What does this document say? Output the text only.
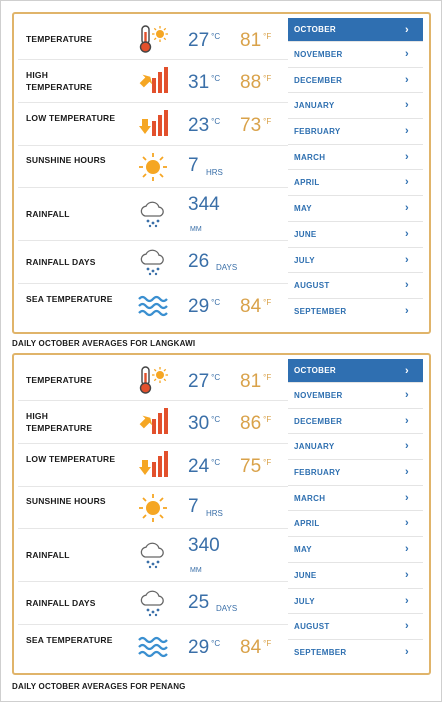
TEMPERATURE	27 $^{^\circ C}$ 81 $^{^\circ F}$
HIGH TEMPERATURE	31 $^{^\circ C}$ 88 $^{^\circ F}$
LOW TEMPERATURE	23 $^{^\circ C}$ 73 $^{^\circ F}$
SUNSHINE HOURS	7 HRS
RAINFALL	344
MM
RAINFALL DAYS	26 DAYS
SEA TEMPERATURE	29 $^{^\circ C}$ 84 $^{^\circ F}$
OCTOBER	›
NOVEMBER	›
DECEMBER	›
JANUARY	›
FEBRUARY	›
MARCH	›
APRIL	›
MAY	›
JUNE	›
JULY	›
AUGUST	›
SEPTEMBER	›
DAILY OCTOBER AVERAGES FOR LANGKAWI
TEMPERATURE	27 $^{^\circ C}$ 81 $^{^\circ F}$
HIGH TEMPERATURE	30 $^{^\circ C}$ 86 $^{^\circ F}$
LOW TEMPERATURE	24 $^{^\circ C}$ 75 $^{^\circ F}$
SUNSHINE HOURS	7 HRS
RAINFALL	340
MM
RAINFALL DAYS	25 DAYS
SEA TEMPERATURE	29 $^{^\circ C}$ 84 $^{^\circ F}$
OCTOBER	›
NOVEMBER	›
DECEMBER	›
JANUARY	›
FEBRUARY	›
MARCH	›
APRIL	›
MAY	›
JUNE	›
JULY	›
AUGUST	›
SEPTEMBER	›
DAILY OCTOBER AVERAGES FOR PENANG
